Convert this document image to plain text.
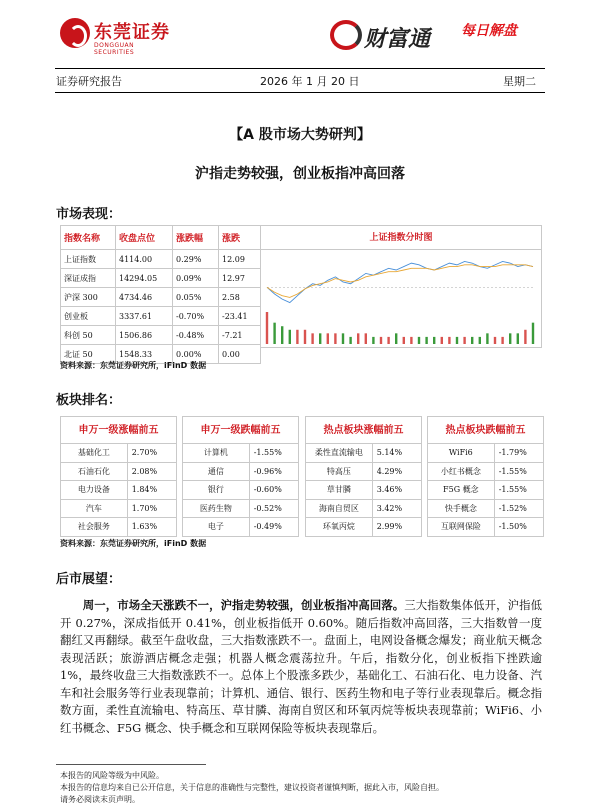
东莞证券
DONGGUAN SECURITIES
财富通	每日解盘
证券研究报告	2026 年 1 月 20 日	星期二
【A 股市场大势研判】
沪指走势较强，创业板指冲高回落
市场表现：
指数名称	收盘点位	涨跌幅	涨跌
上证指数	4114.00	0.29%	12.09
深证成指	14294.05	0.09%	12.97
沪深 300	4734.46	0.05%	2.58
创业板	3337.61	-0.70%	-23.41
科创 50	1506.86	-0.48%	-7.21
北证 50	1548.33	0.00%	0.00
上证指数分时图
资料来源：东莞证券研究所，iFinD 数据
板块排名：
申万一级涨幅前五
基础化工	2.70%
石油石化	2.08%
电力设备	1.84%
汽车	1.70%
社会服务	1.63%
申万一级跌幅前五
计算机	-1.55%
通信	-0.96%
银行	-0.60%
医药生物	-0.52%
电子	-0.49%
热点板块涨幅前五
柔性直流输电	5.14%
特高压	4.29%
草甘膦	3.46%
海南自贸区	3.42%
环氧丙烷	2.99%
热点板块跌幅前五
WiFi6	-1.79%
小红书概念	-1.55%
F5G 概念	-1.55%
快手概念	-1.52%
互联网保险	-1.50%
资料来源：东莞证券研究所，iFinD 数据
后市展望：
周一，市场全天涨跌不一，沪指走势较强，创业板指冲高回落。三大指数集体低开，沪指低开 0.27%，深成指低开 0.41%，创业板指低开 0.60%。随后指数冲高回落，三大指数曾一度翻红又再翻绿。截至午盘收盘，三大指数涨跌不一。盘面上，电网设备概念爆发；商业航天概念表现活跃；旅游酒店概念走强；机器人概念震荡拉升。午后，指数分化，创业板指下挫跌逾 1%，最终收盘三大指数涨跌不一。总体上个股涨多跌少，基础化工、石油石化、电力设备、汽车和社会服务等行业表现靠前；计算机、通信、银行、医药生物和电子等行业表现靠后。概念指数方面，柔性直流输电、特高压、草甘膦、海南自贸区和环氧丙烷等板块表现靠前；WiFi6、小红书概念、F5G 概念、快手概念和互联网保险等板块表现靠后。
本报告的风险等级为中风险。
本报告的信息均来自已公开信息，关于信息的准确性与完整性，建议投资者谨慎判断，据此入市，风险自担。
请务必阅读末页声明。
